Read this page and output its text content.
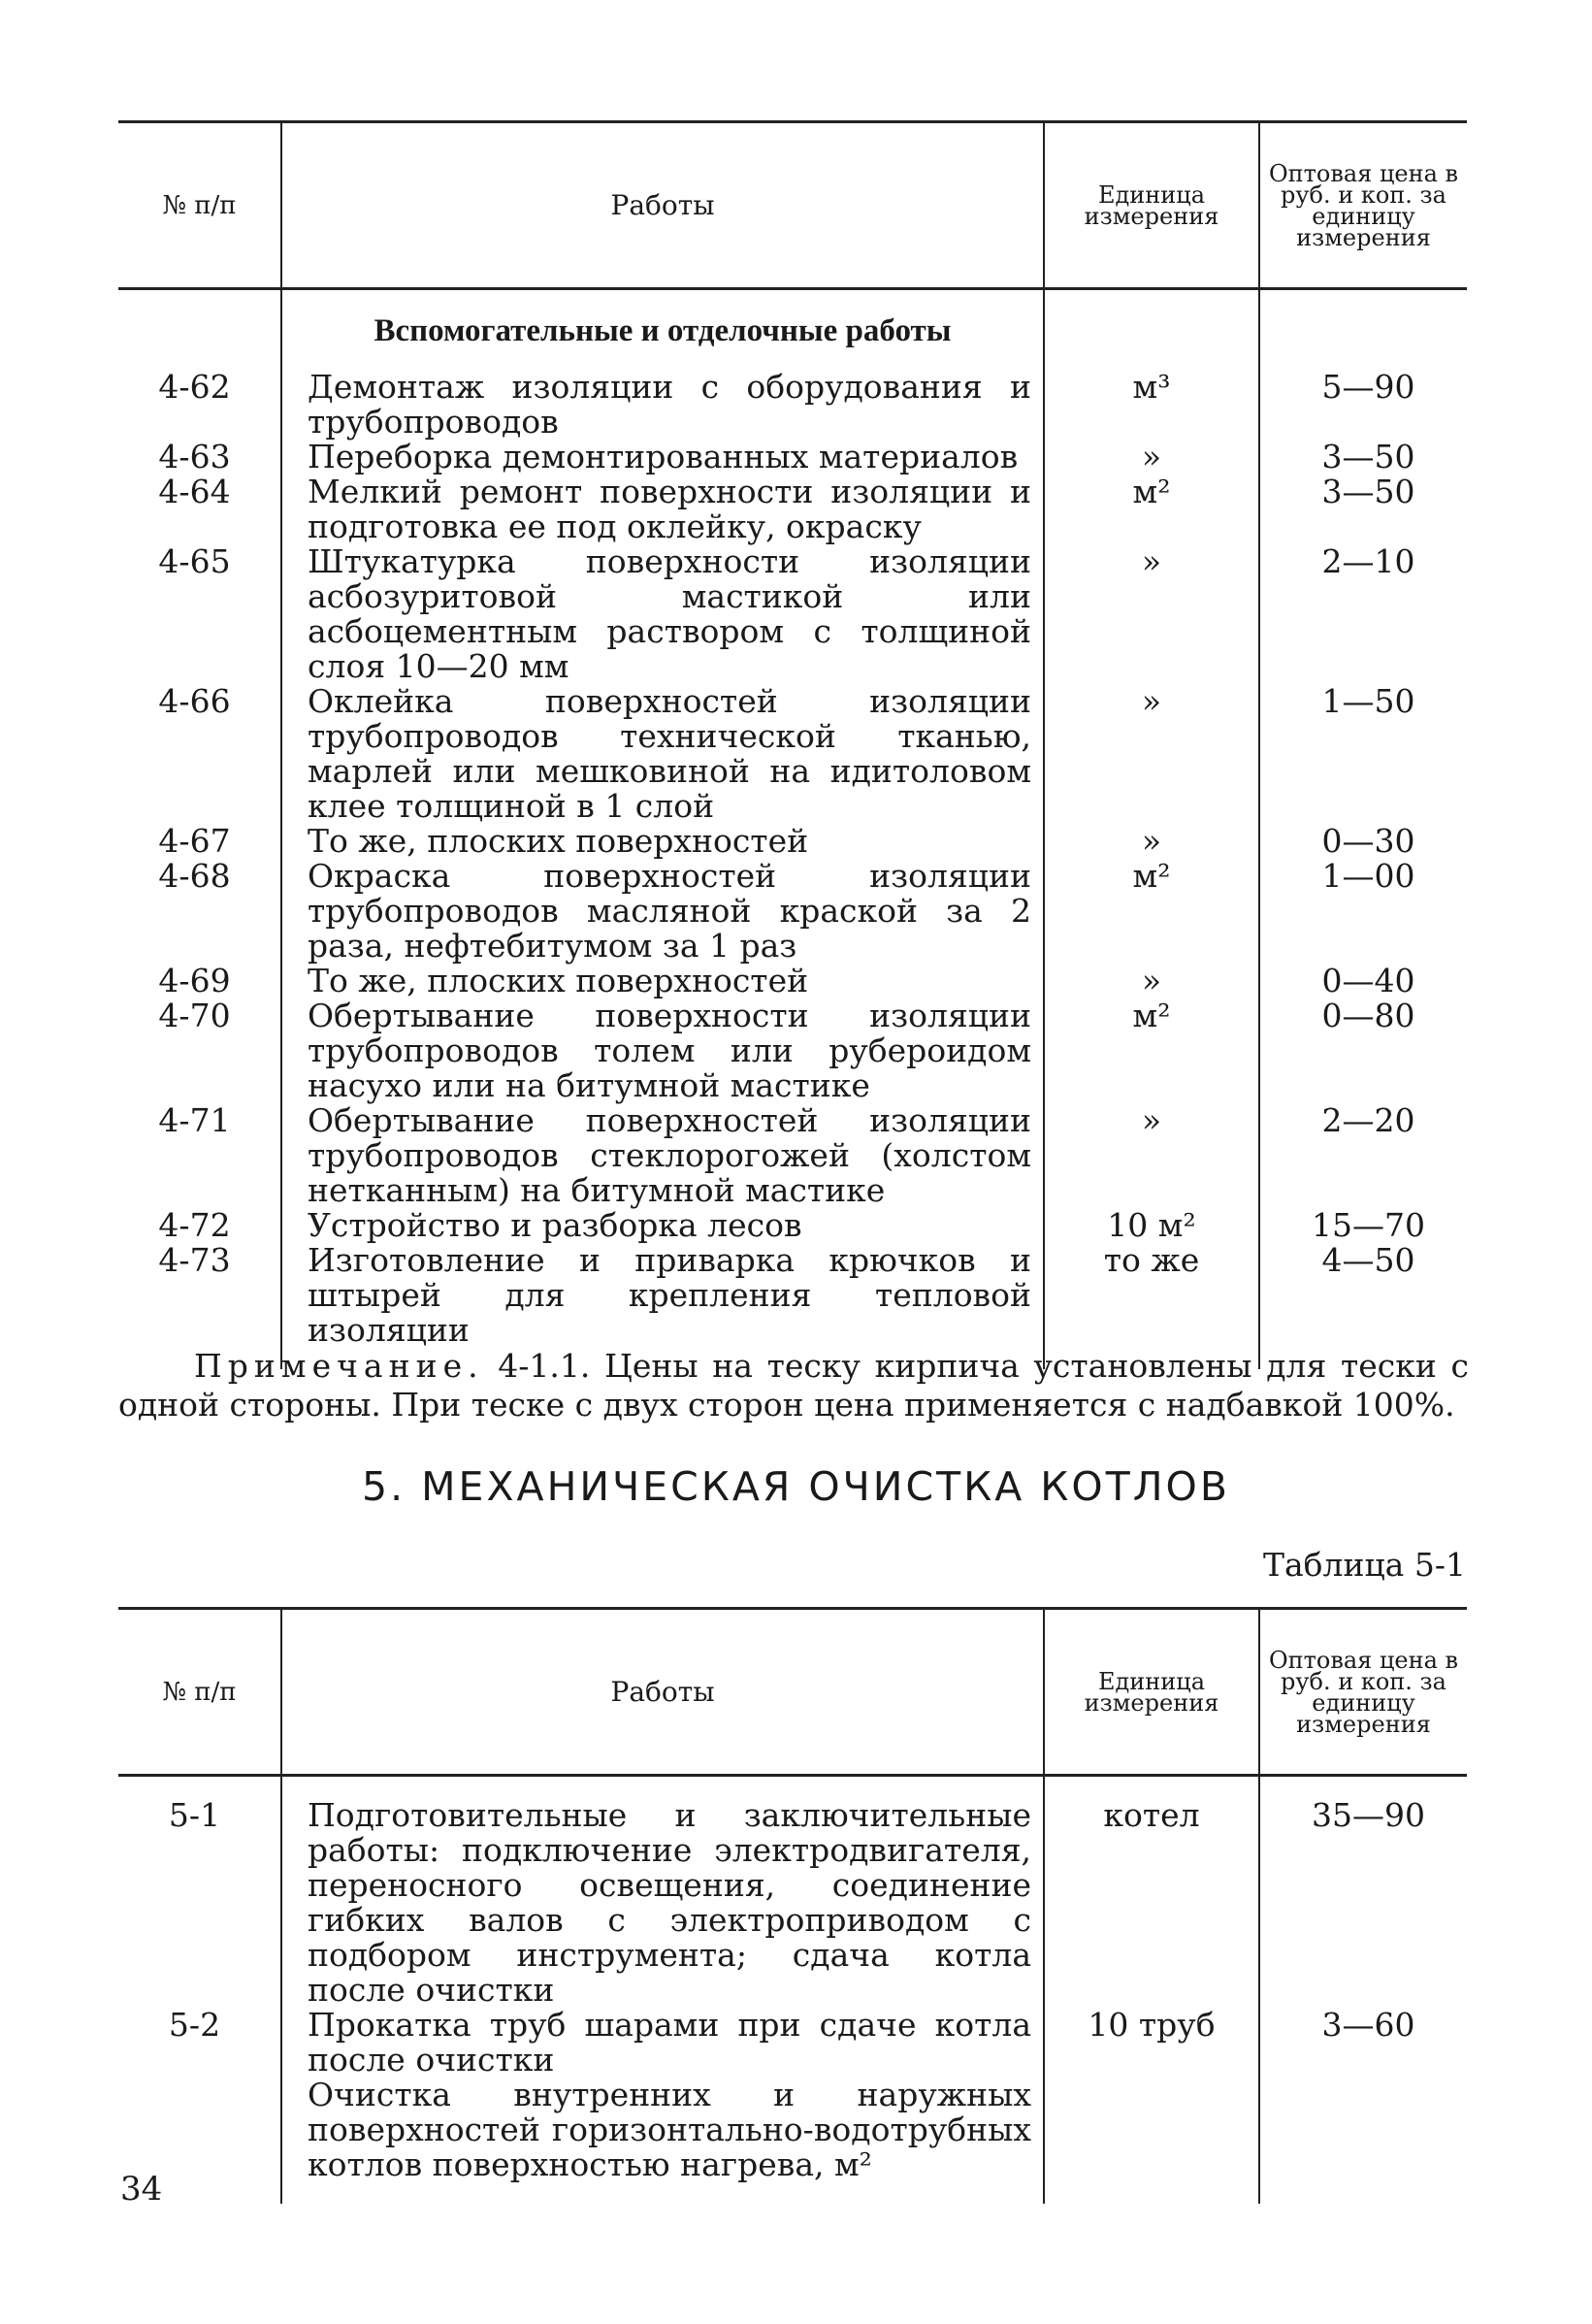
№ п/п	Работы	Единица измерения	Оптовая цена в руб. и коп. за единицу измерения
	Вспомогательные и отделочные работы		
4-62	Демонтаж изоляции с оборудования и трубопроводов	м³	5—90
4-63	Переборка демонтированных материалов	»	3—50
4-64	Мелкий ремонт поверхности изоляции и подготовка ее под оклейку, окраску	м²	3—50
4-65	Штукатурка поверхности изоляции асбозуритовой мастикой или асбоцементным раствором с толщиной слоя 10—20 мм	»	2—10
4-66	Оклейка поверхностей изоляции трубопроводов технической тканью, марлей или мешковиной на идитоловом клее толщиной в 1 слой	»	1—50
4-67	То же, плоских поверхностей	»	0—30
4-68	Окраска поверхностей изоляции трубопроводов масляной краской за 2 раза, нефтебитумом за 1 раз	м²	1—00
4-69	То же, плоских поверхностей	»	0—40
4-70	Обертывание поверхности изоляции трубопроводов толем или рубероидом насухо или на битумной мастике	м²	0—80
4-71	Обертывание поверхностей изоляции трубопроводов стеклорогожей (холстом нетканным) на битумной мастике	»	2—20
4-72	Устройство и разборка лесов	10 м²	15—70
4-73	Изготовление и приварка крючков и штырей для крепления тепловой изоляции	то же	4—50

Примечание. 4-1.1. Цены на теску кирпича установлены для тески с одной стороны. При теске с двух сторон цена применяется с надбавкой 100%.
5. МЕХАНИЧЕСКАЯ ОЧИСТКА КОТЛОВ
Таблица 5-1
№ п/п	Работы	Единица измерения	Оптовая цена в руб. и коп. за единицу измерения

5-1	Подготовительные и заключительные работы: подключение электродвигателя, переносного освещения, соединение гибких валов с электроприводом с подбором инструмента; сдача котла после очистки	котел	35—90
5-2	Прокатка труб шарами при сдаче котла после очистки	10 труб	3—60
	Очистка внутренних и наружных поверхностей горизонтально-водотрубных котлов поверхностью нагрева, м²		

34
